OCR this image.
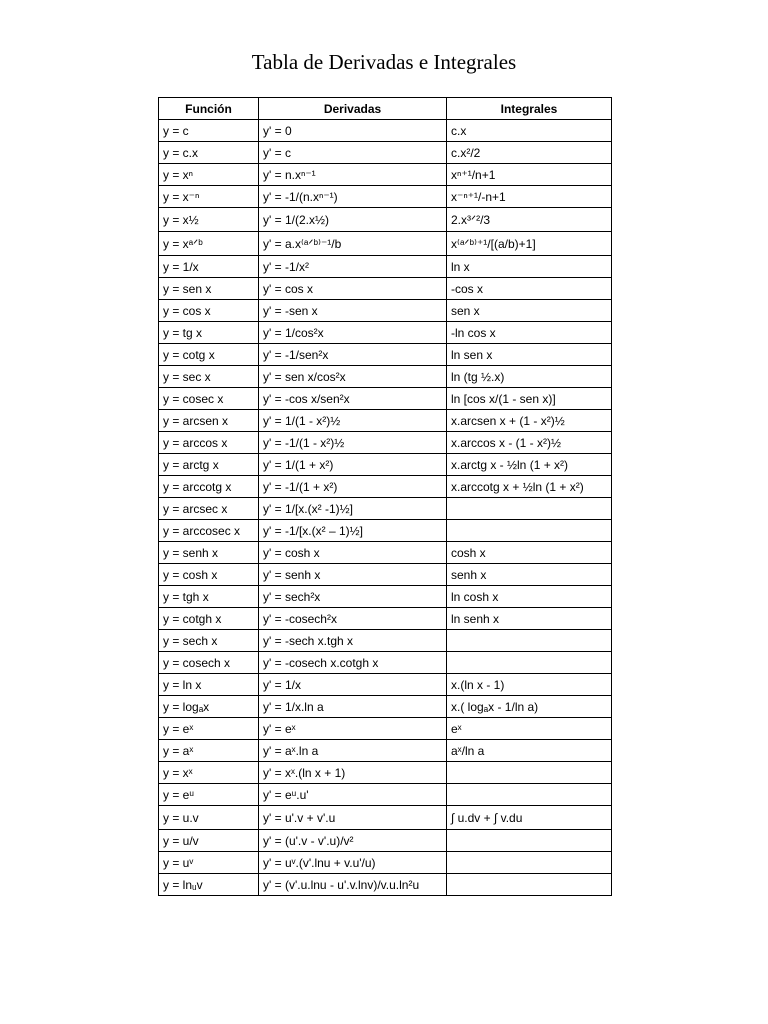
Tabla de Derivadas e Integrales
Función	Derivadas	Integrales
y = c	y' = 0	c.x
y = c.x	y' = c	c.x²/2
y = xⁿ	y' = n.xⁿ⁻¹	xⁿ⁺¹/n+1
y = x⁻ⁿ	y' = -1/(n.xⁿ⁻¹)	x⁻ⁿ⁺¹/-n+1
y = x½	y' = 1/(2.x½)	2.x³ᐟ²/3
y = xᵃᐟᵇ	y' = a.x⁽ᵃᐟᵇ⁾⁻¹/b	x⁽ᵃᐟᵇ⁾⁺¹/[(a/b)+1]
y = 1/x	y' = -1/x²	ln x
y = sen x	y' = cos x	-cos x
y = cos x	y' = -sen x	sen x
y = tg x	y' = 1/cos²x	-ln cos x
y = cotg x	y' = -1/sen²x	ln sen x
y = sec x	y' = sen x/cos²x	ln (tg ½.x)
y = cosec x	y' = -cos x/sen²x	ln [cos x/(1 - sen x)]
y = arcsen x	y' = 1/(1 - x²)½	x.arcsen x + (1 - x²)½
y = arccos x	y' = -1/(1 - x²)½	x.arccos x - (1 - x²)½
y = arctg x	y' = 1/(1 + x²)	x.arctg x - ½ln (1 + x²)
y = arccotg x	y' = -1/(1 + x²)	x.arccotg x + ½ln (1 + x²)
y = arcsec x	y' = 1/[x.(x² -1)½]	
y = arccosec x	y' = -1/[x.(x² – 1)½]	
y = senh x	y' = cosh x	cosh x
y = cosh x	y' = senh x	senh x
y = tgh x	y' = sech²x	ln cosh x
y = cotgh x	y' = -cosech²x	ln senh x
y = sech x	y' = -sech x.tgh x	
y = cosech x	y' = -cosech x.cotgh x	
y = ln x	y' = 1/x	x.(ln x - 1)
y = logₐx	y' = 1/x.ln a	x.( logₐx - 1/ln a)
y = eˣ	y' = eˣ	eˣ
y = aˣ	y' = aˣ.ln a	aˣ/ln a
y = xˣ	y' = xˣ.(ln x + 1)	
y = eᵘ	y' = eᵘ.u'	
y = u.v	y' = u'.v + v'.u	∫ u.dv + ∫ v.du
y = u/v	y' = (u'.v - v'.u)/v²	
y = uᵛ	y' = uᵛ.(v'.lnu + v.u'/u)	
y = lnᵤv	y' = (v'.u.lnu - u'.v.lnv)/v.u.ln²u	
